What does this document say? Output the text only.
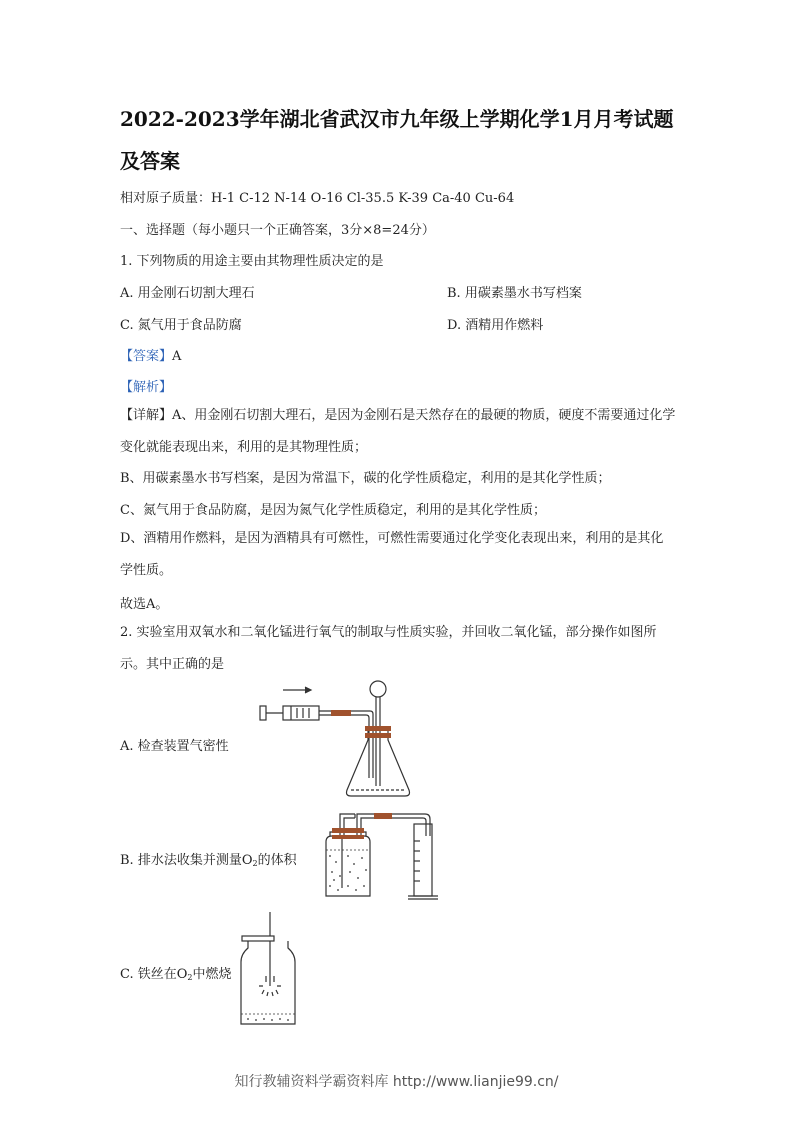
2022-2023学年湖北省武汉市九年级上学期化学1月月考试题及答案
相对原子质量：H-1 C-12 N-14 O-16 Cl-35.5 K-39 Ca-40 Cu-64
一、选择题（每小题只一个正确答案，3分×8=24分）
1. 下列物质的用途主要由其物理性质决定的是
A. 用金刚石切割大理石	B. 用碳素墨水书写档案
C. 氮气用于食品防腐	D. 酒精用作燃料
【答案】A
【解析】
【详解】A、用金刚石切割大理石，是因为金刚石是天然存在的最硬的物质，硬度不需要通过化学变化就能表现出来，利用的是其物理性质；
B、用碳素墨水书写档案，是因为常温下，碳的化学性质稳定，利用的是其化学性质；
C、氮气用于食品防腐，是因为氮气化学性质稳定，利用的是其化学性质；
D、酒精用作燃料，是因为酒精具有可燃性，可燃性需要通过化学变化表现出来，利用的是其化学性质。
故选A。
2. 实验室用双氧水和二氧化锰进行氧气的制取与性质实验，并回收二氧化锰，部分操作如图所示。其中正确的是
A. 检查装置气密性
B. 排水法收集并测量$O_2$的体积
C. 铁丝在$O_2$中燃烧
知行教辅资料学霸资料库 http://www.lianjie99.cn/
